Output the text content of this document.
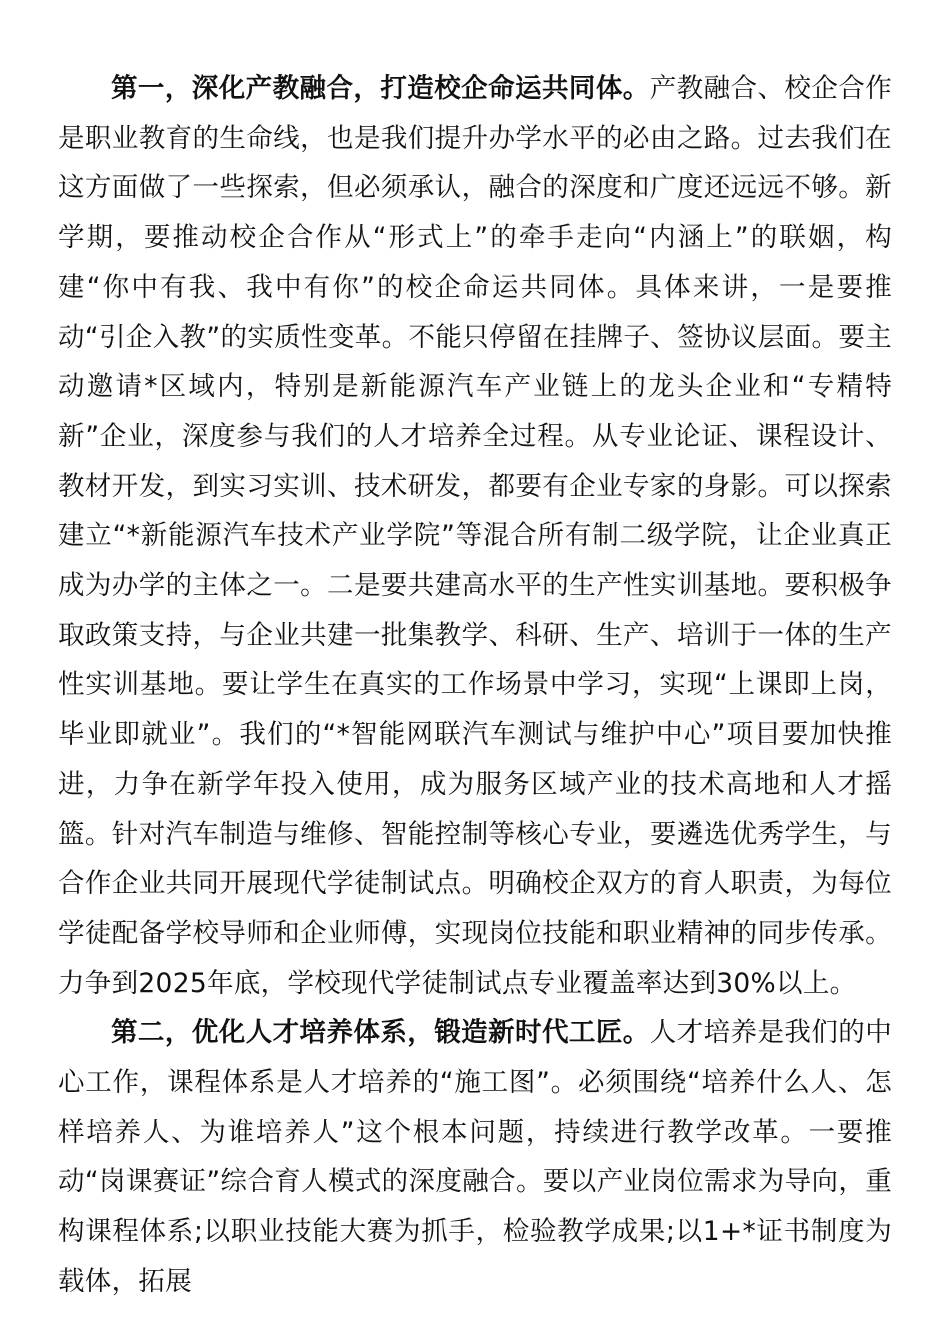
第一，深化产教融合，打造校企命运共同体。产教融合、校企合作是职业教育的生命线，也是我们提升办学水平的必由之路。过去我们在这方面做了一些探索，但必须承认，融合的深度和广度还远远不够。新学期，要推动校企合作从“形式上”的牵手走向“内涵上”的联姻，构建“你中有我、我中有你”的校企命运共同体。具体来讲，一是要推动“引企入教”的实质性变革。不能只停留在挂牌子、签协议层面。要主动邀请*区域内，特别是新能源汽车产业链上的龙头企业和“专精特新”企业，深度参与我们的人才培养全过程。从专业论证、课程设计、教材开发，到实习实训、技术研发，都要有企业专家的身影。可以探索建立“*新能源汽车技术产业学院”等混合所有制二级学院，让企业真正成为办学的主体之一。二是要共建高水平的生产性实训基地。要积极争取政策支持，与企业共建一批集教学、科研、生产、培训于一体的生产性实训基地。要让学生在真实的工作场景中学习，实现“上课即上岗，毕业即就业”。我们的“*智能网联汽车测试与维护中心”项目要加快推进，力争在新学年投入使用，成为服务区域产业的技术高地和人才摇篮。针对汽车制造与维修、智能控制等核心专业，要遴选优秀学生，与合作企业共同开展现代学徒制试点。明确校企双方的育人职责，为每位学徒配备学校导师和企业师傅，实现岗位技能和职业精神的同步传承。力争到2025年底，学校现代学徒制试点专业覆盖率达到30%以上。

第二，优化人才培养体系，锻造新时代工匠。人才培养是我们的中心工作，课程体系是人才培养的“施工图”。必须围绕“培养什么人、怎样培养人、为谁培养人”这个根本问题，持续进行教学改革。一要推动“岗课赛证”综合育人模式的深度融合。要以产业岗位需求为导向，重构课程体系;以职业技能大赛为抓手，检验教学成果;以1+*证书制度为载体，拓展
